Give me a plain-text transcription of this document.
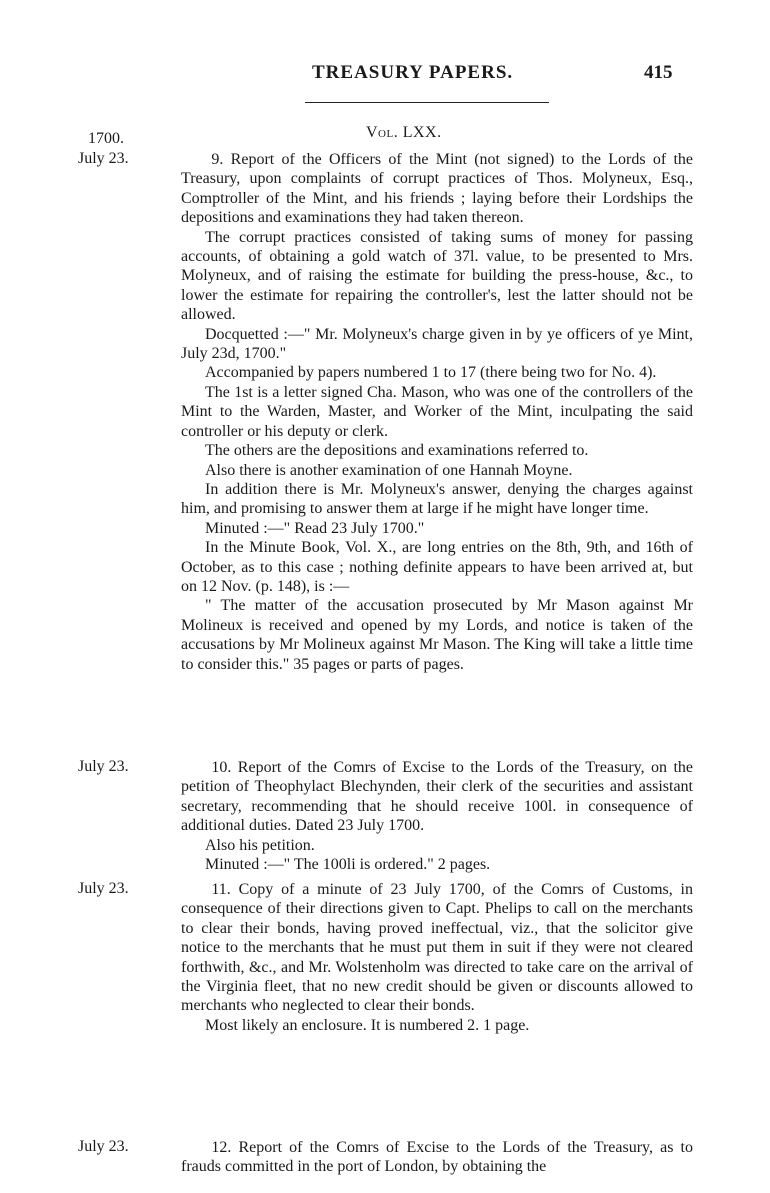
TREASURY PAPERS.	415
Vol. LXX.
1700.
July 23.	9. Report of the Officers of the Mint (not signed) to the Lords of the Treasury, upon complaints of corrupt practices of Thos. Molyneux, Esq., Comptroller of the Mint, and his friends ; laying before their Lordships the depositions and examinations they had taken thereon.

The corrupt practices consisted of taking sums of money for passing accounts, of obtaining a gold watch of 37l. value, to be presented to Mrs. Molyneux, and of raising the estimate for building the press-house, &c., to lower the estimate for repairing the controller's, lest the latter should not be allowed.

Docquetted :—" Mr. Molyneux's charge given in by ye officers of ye Mint, July 23d, 1700."

Accompanied by papers numbered 1 to 17 (there being two for No. 4).

The 1st is a letter signed Cha. Mason, who was one of the controllers of the Mint to the Warden, Master, and Worker of the Mint, inculpating the said controller or his deputy or clerk.

The others are the depositions and examinations referred to.

Also there is another examination of one Hannah Moyne.

In addition there is Mr. Molyneux's answer, denying the charges against him, and promising to answer them at large if he might have longer time.

Minuted :—" Read 23 July 1700."

In the Minute Book, Vol. X., are long entries on the 8th, 9th, and 16th of October, as to this case ; nothing definite appears to have been arrived at, but on 12 Nov. (p. 148), is :—

" The matter of the accusation prosecuted by Mr Mason against Mr Molineux is received and opened by my Lords, and notice is taken of the accusations by Mr Molineux against Mr Mason. The King will take a little time to consider this." 35 pages or parts of pages.

July 23.	10. Report of the Comrs of Excise to the Lords of the Treasury, on the petition of Theophylact Blechynden, their clerk of the securities and assistant secretary, recommending that he should receive 100l. in consequence of additional duties. Dated 23 July 1700.

Also his petition.

Minuted :—" The 100li is ordered." 2 pages.

July 23.	11. Copy of a minute of 23 July 1700, of the Comrs of Customs, in consequence of their directions given to Capt. Phelips to call on the merchants to clear their bonds, having proved ineffectual, viz., that the solicitor give notice to the merchants that he must put them in suit if they were not cleared forthwith, &c., and Mr. Wolstenholm was directed to take care on the arrival of the Virginia fleet, that no new credit should be given or discounts allowed to merchants who neglected to clear their bonds.

Most likely an enclosure. It is numbered 2. 1 page.

July 23.	12. Report of the Comrs of Excise to the Lords of the Treasury, as to frauds committed in the port of London, by obtaining the
